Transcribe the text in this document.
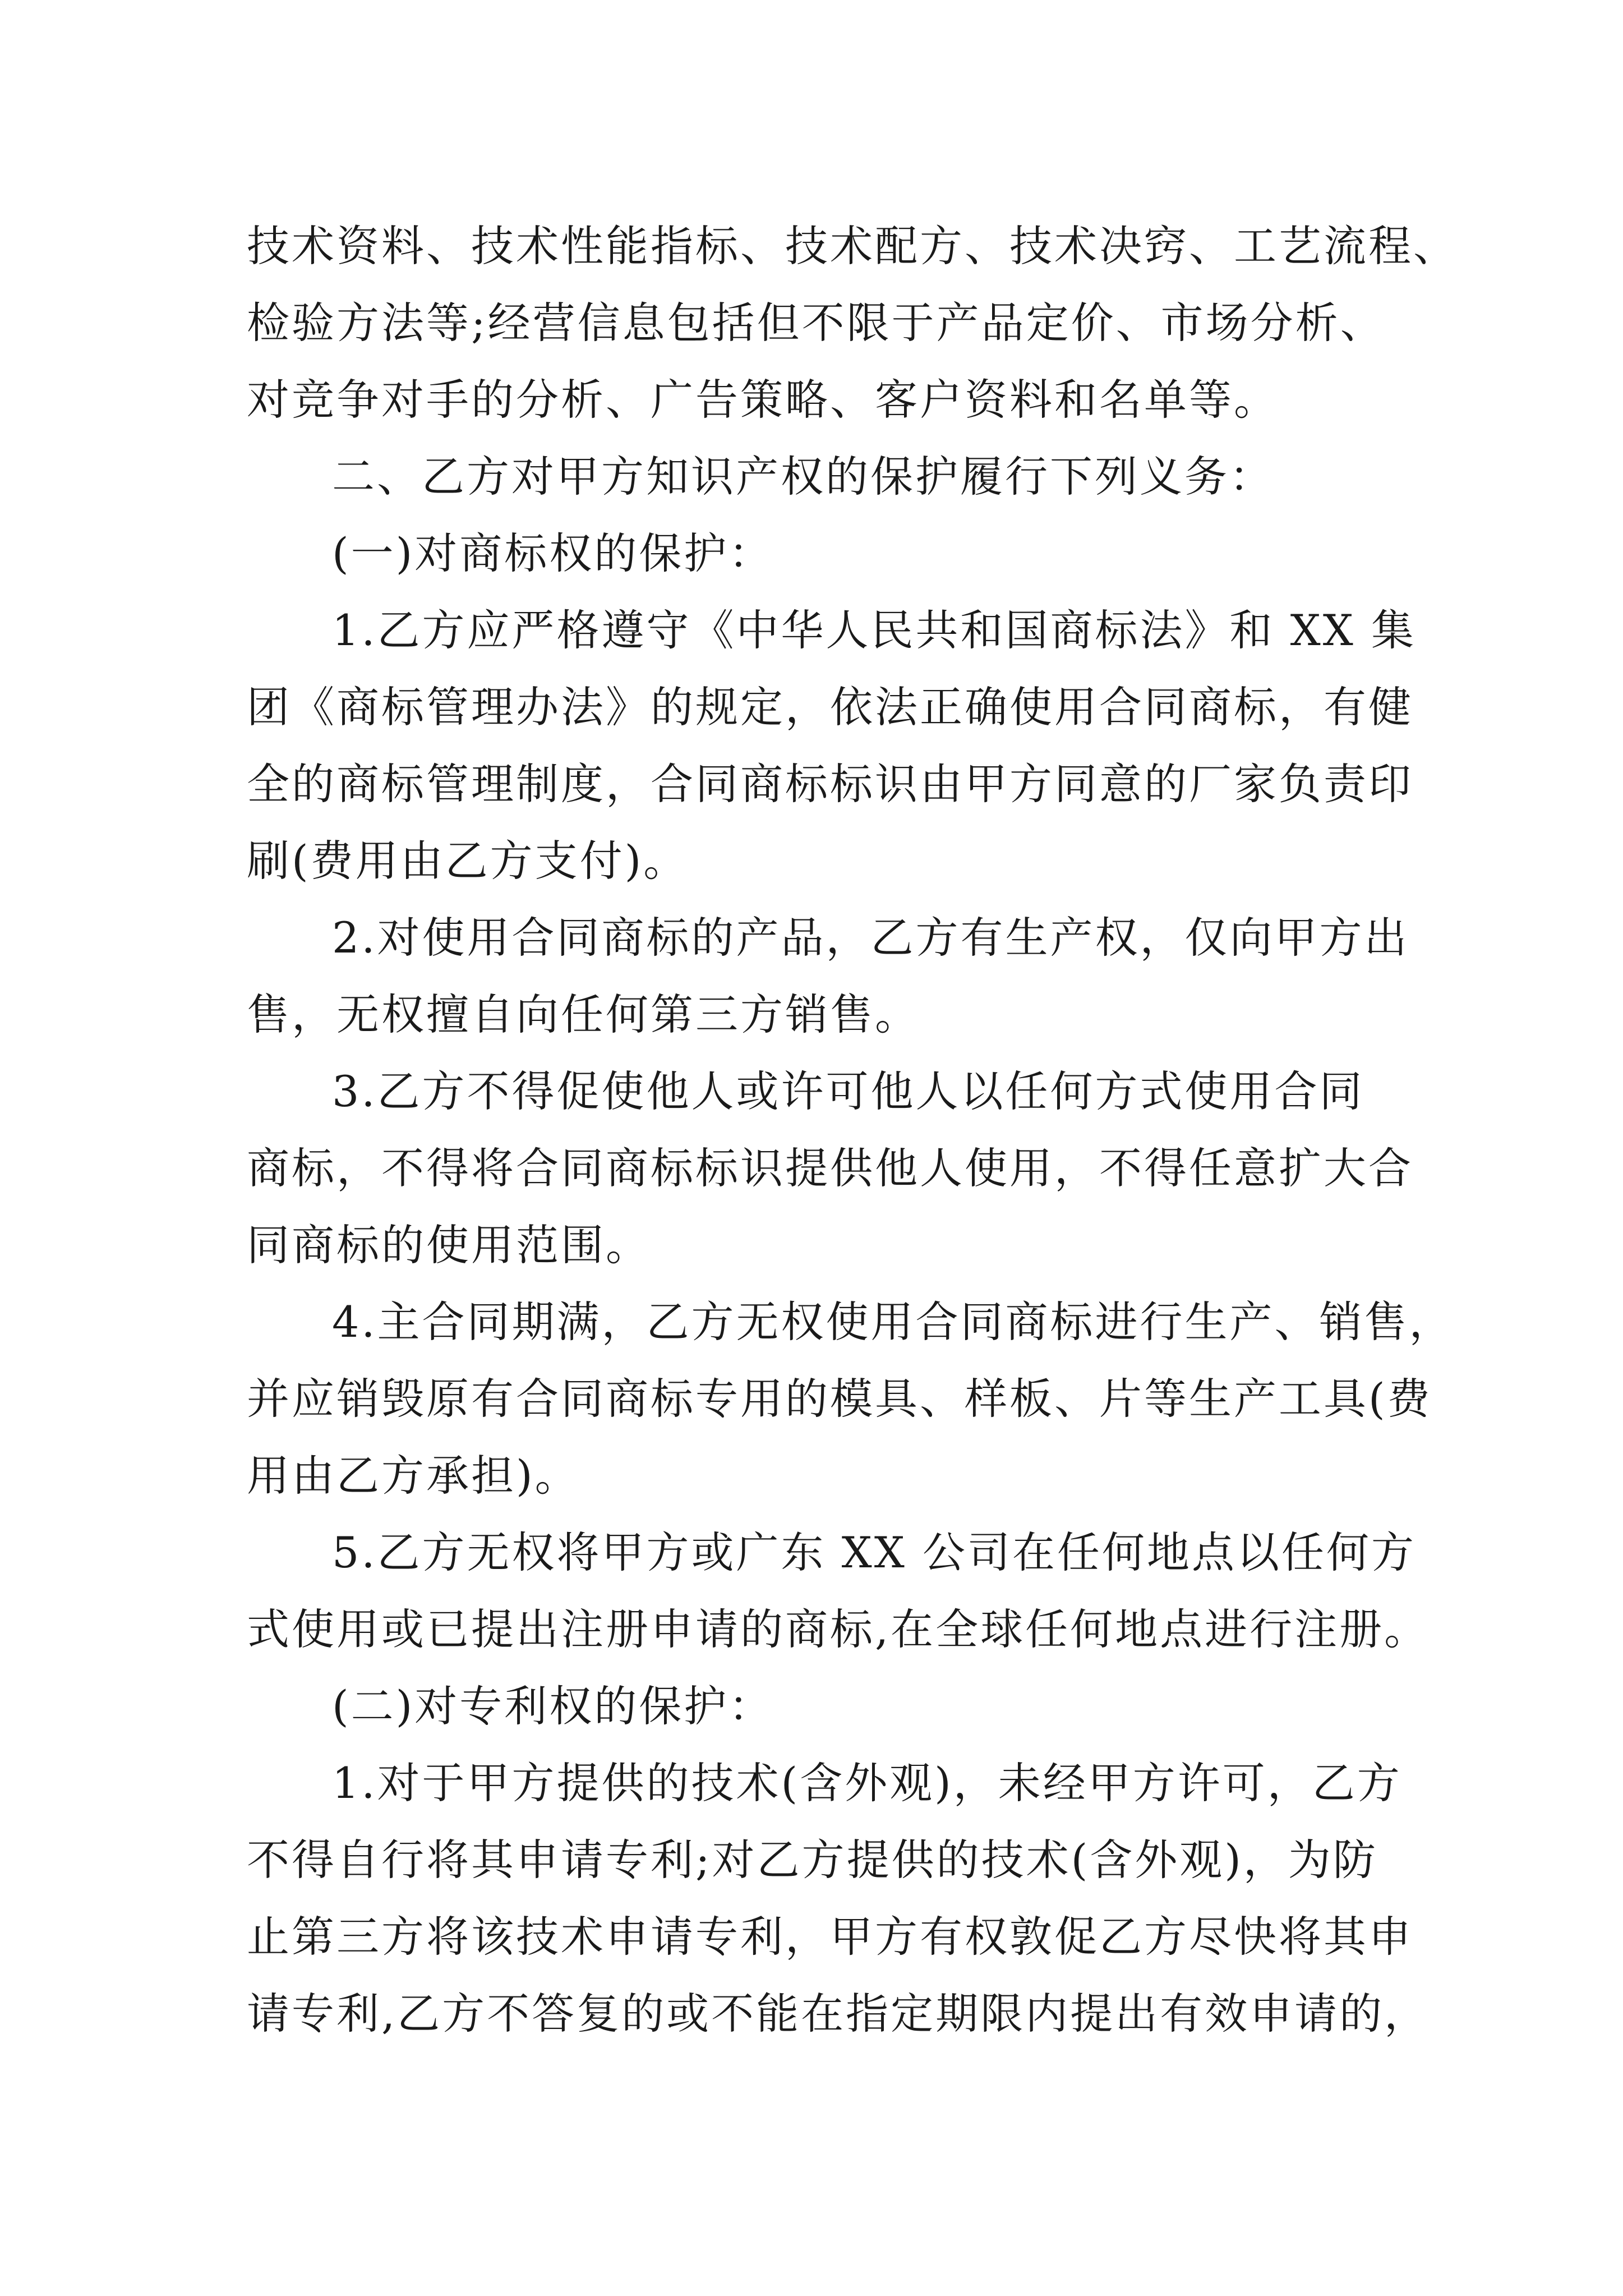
技术资料、技术性能指标、技术配方、技术决窍、工艺流程、
检验方法等;经营信息包括但不限于产品定价、市场分析、
对竞争对手的分析、广告策略、客户资料和名单等。
二、乙方对甲方知识产权的保护履行下列义务：
(一)对商标权的保护：
1.乙方应严格遵守《中华人民共和国商标法》和 XX 集
团《商标管理办法》的规定，依法正确使用合同商标，有健
全的商标管理制度，合同商标标识由甲方同意的厂家负责印
刷(费用由乙方支付)。
2.对使用合同商标的产品，乙方有生产权，仅向甲方出
售，无权擅自向任何第三方销售。
3.乙方不得促使他人或许可他人以任何方式使用合同
商标，不得将合同商标标识提供他人使用，不得任意扩大合
同商标的使用范围。
4.主合同期满，乙方无权使用合同商标进行生产、销售，
并应销毁原有合同商标专用的模具、样板、片等生产工具(费
用由乙方承担)。
5.乙方无权将甲方或广东 XX 公司在任何地点以任何方
式使用或已提出注册申请的商标,在全球任何地点进行注册。
(二)对专利权的保护：
1.对于甲方提供的技术(含外观)，未经甲方许可，乙方
不得自行将其申请专利;对乙方提供的技术(含外观)，为防
止第三方将该技术申请专利，甲方有权敦促乙方尽快将其申
请专利,乙方不答复的或不能在指定期限内提出有效申请的，
